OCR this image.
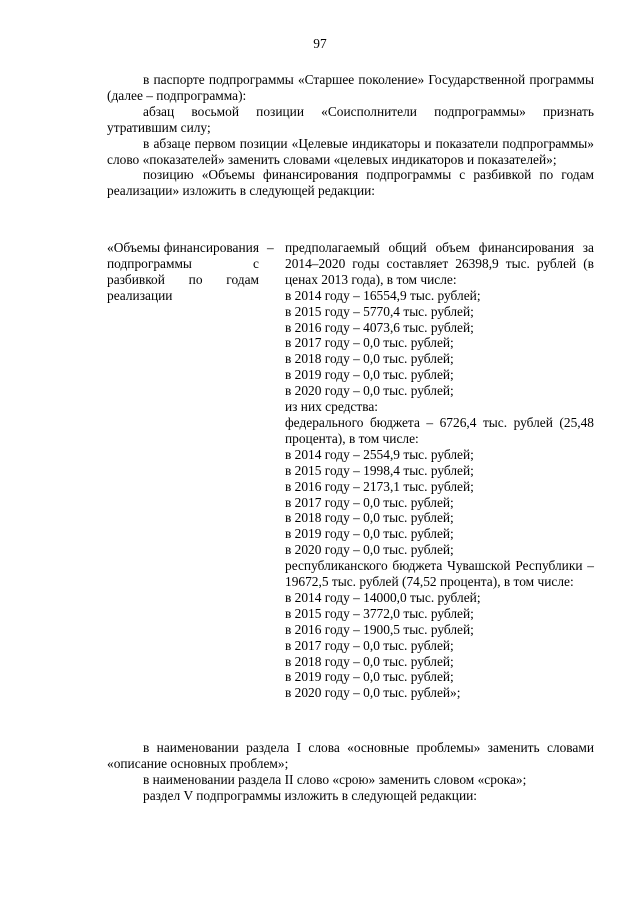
97

в паспорте подпрограммы «Старшее поколение» Государственной программы (далее – подпрограмма):

абзац восьмой позиции «Соисполнители подпрограммы» признать утратившим силу;

в абзаце первом позиции «Целевые индикаторы и показатели подпрограммы» слово «показателей» заменить словами «целевых индикаторов и показателей»;

позицию «Объемы финансирования подпрограммы с разбивкой по годам реализации» изложить в следующей редакции:

«Объемы финансирования подпрограммы с разбивкой по годам реализации
– предполагаемый общий объем финансирования за 2014–2020 годы составляет 26398,9 тыс. рублей (в ценах 2013 года), в том числе:

в 2014 году – 16554,9 тыс. рублей;

в 2015 году – 5770,4 тыс. рублей;

в 2016 году – 4073,6 тыс. рублей;

в 2017 году – 0,0 тыс. рублей;

в 2018 году – 0,0 тыс. рублей;

в 2019 году – 0,0 тыс. рублей;

в 2020 году – 0,0 тыс. рублей;

из них средства:

федерального бюджета – 6726,4 тыс. рублей (25,48 процента), в том числе:

в 2014 году – 2554,9 тыс. рублей;

в 2015 году – 1998,4 тыс. рублей;

в 2016 году – 2173,1 тыс. рублей;

в 2017 году – 0,0 тыс. рублей;

в 2018 году – 0,0 тыс. рублей;

в 2019 году – 0,0 тыс. рублей;

в 2020 году – 0,0 тыс. рублей;

республиканского бюджета Чувашской Республики – 19672,5 тыс. рублей (74,52 процента), в том числе:

в 2014 году – 14000,0 тыс. рублей;

в 2015 году – 3772,0 тыс. рублей;

в 2016 году – 1900,5 тыс. рублей;

в 2017 году – 0,0 тыс. рублей;

в 2018 году – 0,0 тыс. рублей;

в 2019 году – 0,0 тыс. рублей;

в 2020 году – 0,0 тыс. рублей»;

в наименовании раздела I слова «основные проблемы» заменить словами «описание основных проблем»;

в наименовании раздела II слово «срою» заменить словом «срока»;

раздел V подпрограммы изложить в следующей редакции:
